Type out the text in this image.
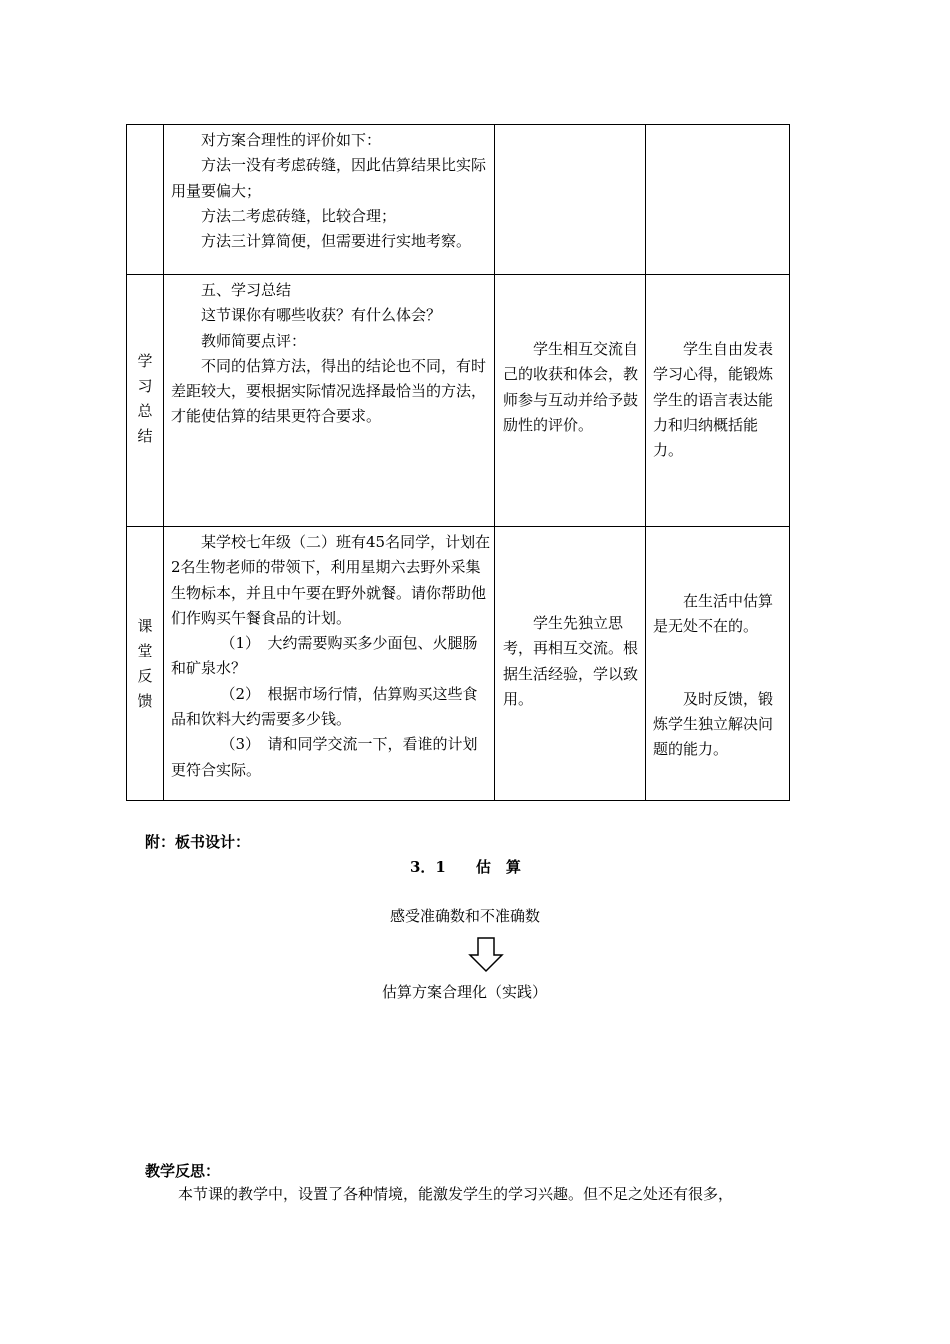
对方案合理性的评价如下：

方法一没有考虑砖缝，因此估算结果比实际用量要偏大；

方法二考虑砖缝，比较合理；

方法三计算简便，但需要进行实地考察。

学
习
总
结

五、学习总结

这节课你有哪些收获？有什么体会？

教师简要点评：

不同的估算方法，得出的结论也不同，有时差距较大，要根据实际情况选择最恰当的方法，才能使估算的结果更符合要求。

学生相互交流自己的收获和体会，教师参与互动并给予鼓励性的评价。

学生自由发表学习心得，能锻炼学生的语言表达能力和归纳概括能力。

课
堂
反
馈

某学校七年级（二）班有45名同学，计划在2名生物老师的带领下，利用星期六去野外采集生物标本，并且中午要在野外就餐。请你帮助他们作购买午餐食品的计划。

（1）　大约需要购买多少面包、火腿肠和矿泉水？

（2）　根据市场行情，估算购买这些食品和饮料大约需要多少钱。

（3）　请和同学交流一下，看谁的计划更符合实际。

学生先独立思考，再相互交流。根据生活经验，学以致用。

在生活中估算是无处不在的。

及时反馈，锻炼学生独立解决问题的能力。

附：板书设计：
3．1　　估　算
感受准确数和不准确数
估算方案合理化（实践）
教学反思：
本节课的教学中，设置了各种情境，能激发学生的学习兴趣。但不足之处还有很多，
